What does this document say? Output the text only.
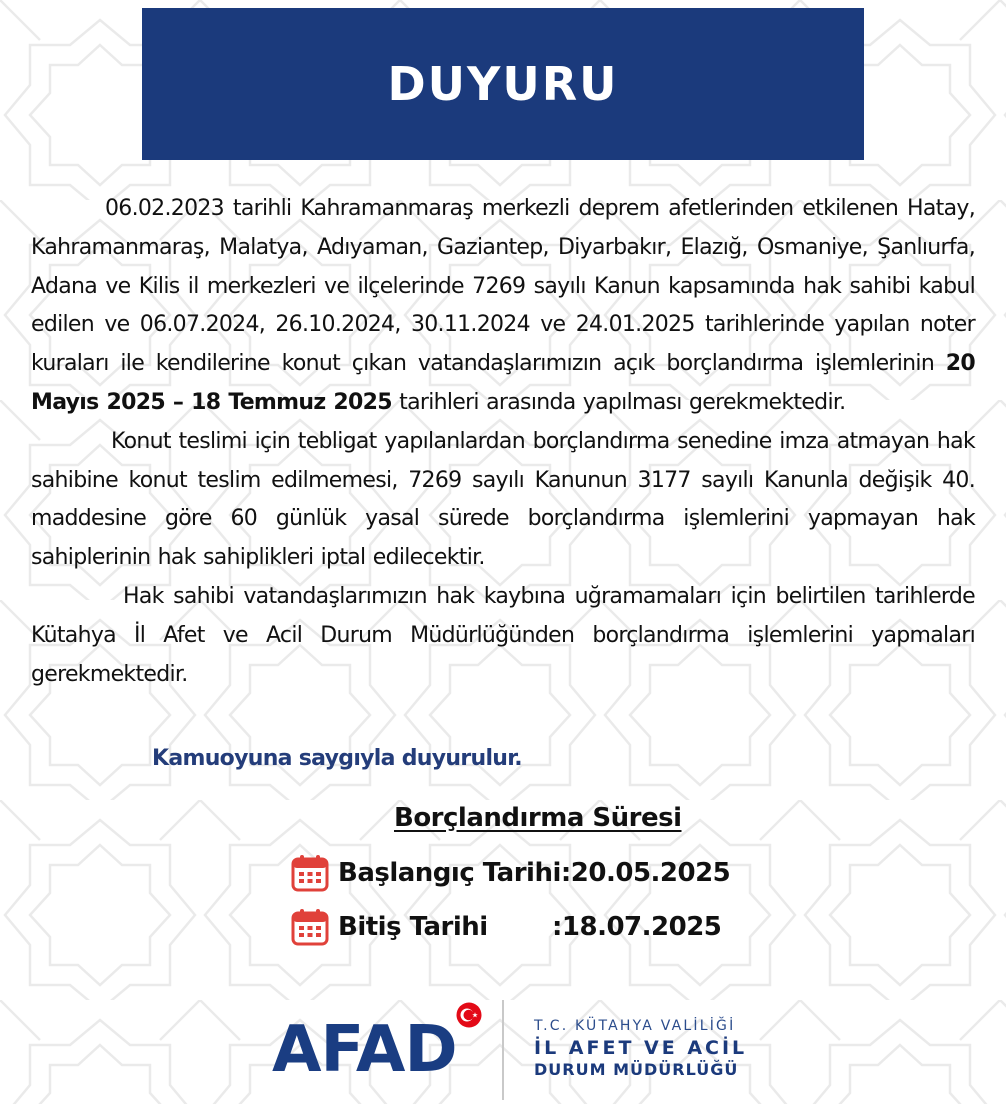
DUYURU

06.02.2023 tarihli Kahramanmaraş merkezli deprem afetlerinden etkilenen Hatay, Kahramanmaraş, Malatya, Adıyaman, Gaziantep, Diyarbakır, Elazığ, Osmaniye, Şanlıurfa, Adana ve Kilis il merkezleri ve ilçelerinde 7269 sayılı Kanun kapsamında hak sahibi kabul edilen ve 06.07.2024, 26.10.2024, 30.11.2024 ve 24.01.2025 tarihlerinde yapılan noter kuraları ile kendilerine konut çıkan vatandaşlarımızın açık borçlandırma işlemlerinin 20 Mayıs 2025 – 18 Temmuz 2025 tarihleri arasında yapılması gerekmektedir.

Konut teslimi için tebligat yapılanlardan borçlandırma senedine imza atmayan hak sahibine konut teslim edilmemesi, 7269 sayılı Kanunun 3177 sayılı Kanunla değişik 40. maddesine göre 60 günlük yasal sürede borçlandırma işlemlerini yapmayan hak sahiplerinin hak sahiplikleri iptal edilecektir.

Hak sahibi vatandaşlarımızın hak kaybına uğramamaları için belirtilen tarihlerde Kütahya İl Afet ve Acil Durum Müdürlüğünden borçlandırma işlemlerini yapmaları gerekmektedir.

Kamuoyuna saygıyla duyurulur.
Borçlandırma Süresi
Başlangıç Tarihi : 20.05.2025
Bitiş Tarihi	: 18.07.2025
AFAD	T.C. KÜTAHYA VALİLİĞİ
İL AFET VE ACİL
DURUM MÜDÜRLÜĞÜ
